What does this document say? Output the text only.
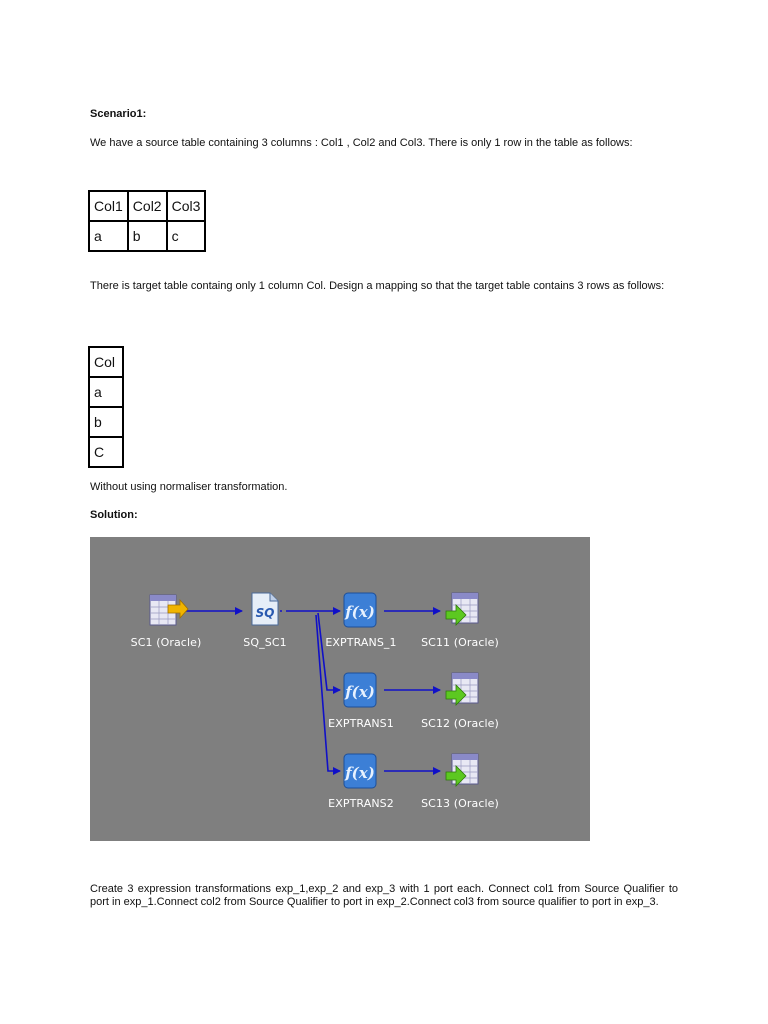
Scenario1:
We have a source table containing 3 columns : Col1 , Col2 and Col3. There is only 1 row in the table as follows:
Col1	Col2	Col3
a	b	c
There is target table containg only 1 column Col. Design a mapping so that the target table contains 3 rows as follows:
Col
a
b
C
Without using normaliser transformation.
Solution:
SQ	f(x)
f(x)
f(x)
SC1 (Oracle)	SQ_SC1	EXPTRANS_1
EXPTRANS1
EXPTRANS2
SC11 (Oracle)
SC12 (Oracle)
SC13 (Oracle)
Create 3 expression transformations exp_1,exp_2 and exp_3 with 1 port each. Connect col1 from Source Qualifier to port in exp_1.Connect col2 from Source Qualifier to port in exp_2.Connect col3 from source qualifier to port in exp_3.
